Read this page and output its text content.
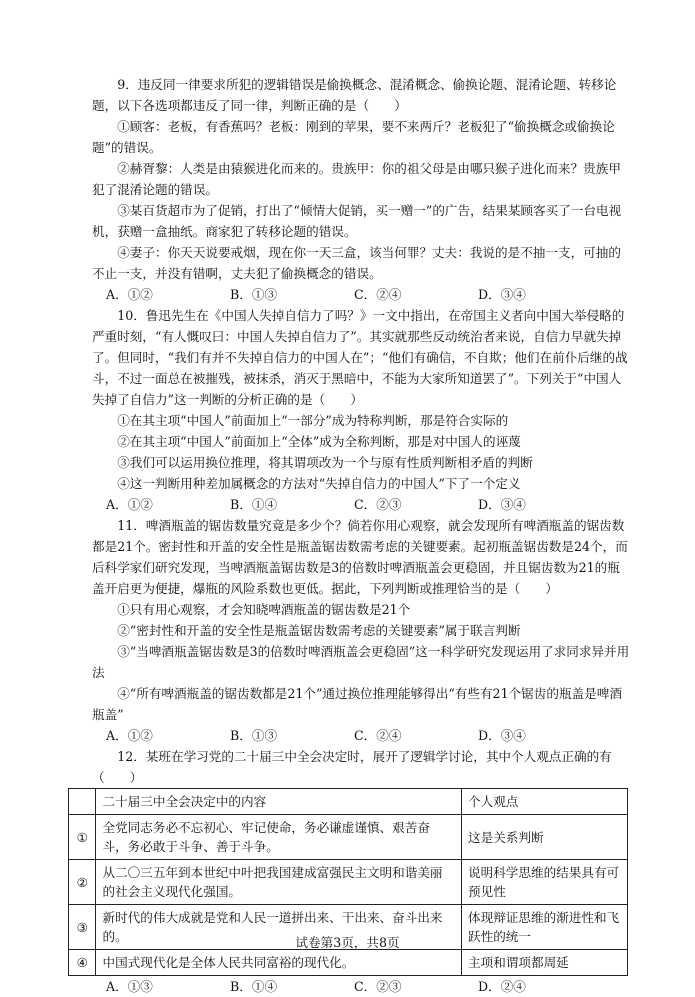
9．违反同一律要求所犯的逻辑错误是偷换概念、混淆概念、偷换论题、混淆论题、转移论题，以下各选项都违反了同一律，判断正确的是（　　）

①顾客：老板，有香蕉吗？老板：刚到的苹果，要不来两斤？老板犯了“偷换概念或偷换论题”的错误。

②赫胥黎：人类是由猿猴进化而来的。贵族甲：你的祖父母是由哪只猴子进化而来？贵族甲犯了混淆论题的错误。

③某百货超市为了促销，打出了“倾情大促销，买一赠一”的广告，结果某顾客买了一台电视机，获赠一盒抽纸。商家犯了转移论题的错误。

④妻子：你天天说要戒烟，现在你一天三盒，该当何罪？丈夫：我说的是不抽一支，可抽的不止一支，并没有错啊，丈夫犯了偷换概念的错误。

A．①②	B．①③	C．②④	D．③④

10．鲁迅先生在《中国人失掉自信力了吗？》一文中指出，在帝国主义者向中国大举侵略的严重时刻，“有人慨叹曰：中国人失掉自信力了”。其实就那些反动统治者来说，自信力早就失掉了。但同时，“我们有并不失掉自信力的中国人在”；“他们有确信，不自欺；他们在前仆后继的战斗，不过一面总在被摧残，被抹杀，消灭于黑暗中，不能为大家所知道罢了”。下列关于“中国人失掉了自信力”这一判断的分析正确的是（　　）

①在其主项“中国人”前面加上“一部分”成为特称判断，那是符合实际的

②在其主项“中国人”前面加上“全体”成为全称判断，那是对中国人的诬蔑

③我们可以运用换位推理，将其谓项改为一个与原有性质判断相矛盾的判断

④这一判断用种差加属概念的方法对“失掉自信力的中国人”下了一个定义

A．①②	B．①④	C．②③	D．③④

11．啤酒瓶盖的锯齿数量究竟是多少个？倘若你用心观察，就会发现所有啤酒瓶盖的锯齿数都是21个。密封性和开盖的安全性是瓶盖锯齿数需考虑的关键要素。起初瓶盖锯齿数是24个，而后科学家们研究发现，当啤酒瓶盖锯齿数是3的倍数时啤酒瓶盖会更稳固，并且锯齿数为21的瓶盖开启更为便捷，爆瓶的风险系数也更低。据此，下列判断或推理恰当的是（　　）

①只有用心观察，才会知晓啤酒瓶盖的锯齿数是21个

②“密封性和开盖的安全性是瓶盖锯齿数需考虑的关键要素”属于联言判断

③“当啤酒瓶盖锯齿数是3的倍数时啤酒瓶盖会更稳固”这一科学研究发现运用了求同求异并用法

④“所有啤酒瓶盖的锯齿数都是21个”通过换位推理能够得出“有些有21个锯齿的瓶盖是啤酒瓶盖”

A．①②	B．①③	C．②④	D．③④

12．某班在学习党的二十届三中全会决定时，展开了逻辑学讨论，其中个人观点正确的有（　　）

	二十届三中全会决定中的内容	个人观点
①	全党同志务必不忘初心、牢记使命，务必谦虚谨慎、艰苦奋斗，务必敢于斗争、善于斗争。	这是关系判断
②	从二〇三五年到本世纪中叶把我国建成富强民主文明和谐美丽的社会主义现代化强国。	说明科学思维的结果具有可预见性
③	新时代的伟大成就是党和人民一道拼出来、干出来、奋斗出来的。	体现辩证思维的渐进性和飞跃性的统一
④	中国式现代化是全体人民共同富裕的现代化。	主项和谓项都周延
A．①③	B．①④	C．②③	D．②④
试卷第3页，共8页
